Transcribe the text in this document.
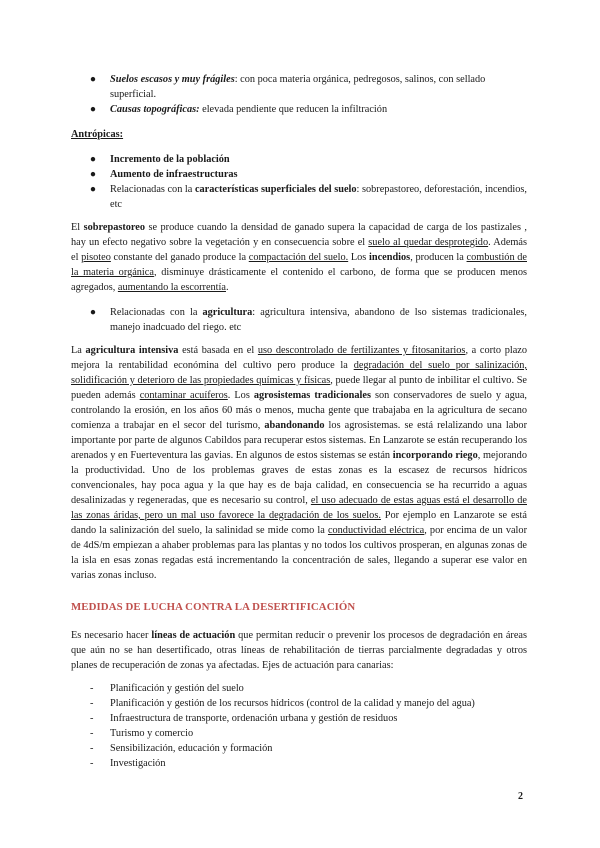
● Suelos escasos y muy frágiles: con poca materia orgánica, pedregosos, salinos, con sellado superficial.
● Causas topográficas: elevada pendiente que reducen la infiltración
Antrópicas:
● Incremento de la población
● Aumento de infraestructuras
● Relacionadas con la características superficiales del suelo: sobrepastoreo, deforestación, incendios, etc
El sobrepastoreo se produce cuando la densidad de ganado supera la capacidad de carga de los pastizales , hay un efecto negativo sobre la vegetación y en consecuencia sobre el suelo al quedar desprotegido. Además el pisoteo constante del ganado produce la compactación del suelo. Los incendios, producen la combustión de la materia orgánica, disminuye drásticamente el contenido el carbono, de forma que se producen menos agregados, aumentando la escorrentía.
● Relacionadas con la agricultura: agricultura intensiva, abandono de lso sistemas tradicionales, manejo inadcuado del riego. etc
La agricultura intensiva está basada en el uso descontrolado de fertilizantes y fitosanitarios, a corto plazo mejora la rentabilidad económina del cultivo pero produce la degradación del suelo por salinización, solidificación y deterioro de las propiedades químicas y físicas, puede llegar al punto de inbilitar el cultivo. Se pueden además contaminar acuíferos. Los agrosistemas tradicionales son conservadores de suelo y agua, controlando la erosión, en los años 60 más o menos, mucha gente que trabajaba en la agricultura de secano comienza a trabajar en el secor del turismo, abandonando los agrosistemas. se está relalizando una labor importante por parte de algunos Cabildos para recuperar estos sistemas. En Lanzarote se están recuperando los arenados y en Fuerteventura las gavias. En algunos de estos sistemas se están incorporando riego, mejorando la productividad. Uno de los problemas graves de estas zonas es la escasez de recursos hídricos convencionales, hay poca agua y la que hay es de baja calidad, en consecuencia se ha recurrido a aguas desalinizadas y regeneradas, que es necesario su control, el uso adecuado de estas aguas está el desarrollo de las zonas áridas, pero un mal uso favorece la degradación de los suelos. Por ejemplo en Lanzarote se está dando la salinización del suelo, la salinidad se mide como la conductividad eléctrica, por encima de un valor de 4dS/m empiezan a ahaber problemas para las plantas y no todos los cultivos prosperan, en algunas zonas de la isla en esas zonas regadas está incrementando la concentración de sales, llegando a superar ese valor en varias zonas incluso.
MEDIDAS DE LUCHA CONTRA LA DESERTIFICACIÓN
Es necesario hacer líneas de actuación que permitan reducir o prevenir los procesos de degradación en áreas que aún no se han desertificado, otras líneas de rehabilitación de tierras parcialmente degradadas y otros planes de recuperación de zonas ya afectadas. Ejes de actuación para canarias:
- Planificación y gestión del suelo
- Planificación y gestión de los recursos hídricos (control de la calidad y manejo del agua)
- Infraestructura de transporte, ordenación urbana y gestión de residuos
- Turismo y comercio
- Sensibilización, educación y formación
- Investigación
2
